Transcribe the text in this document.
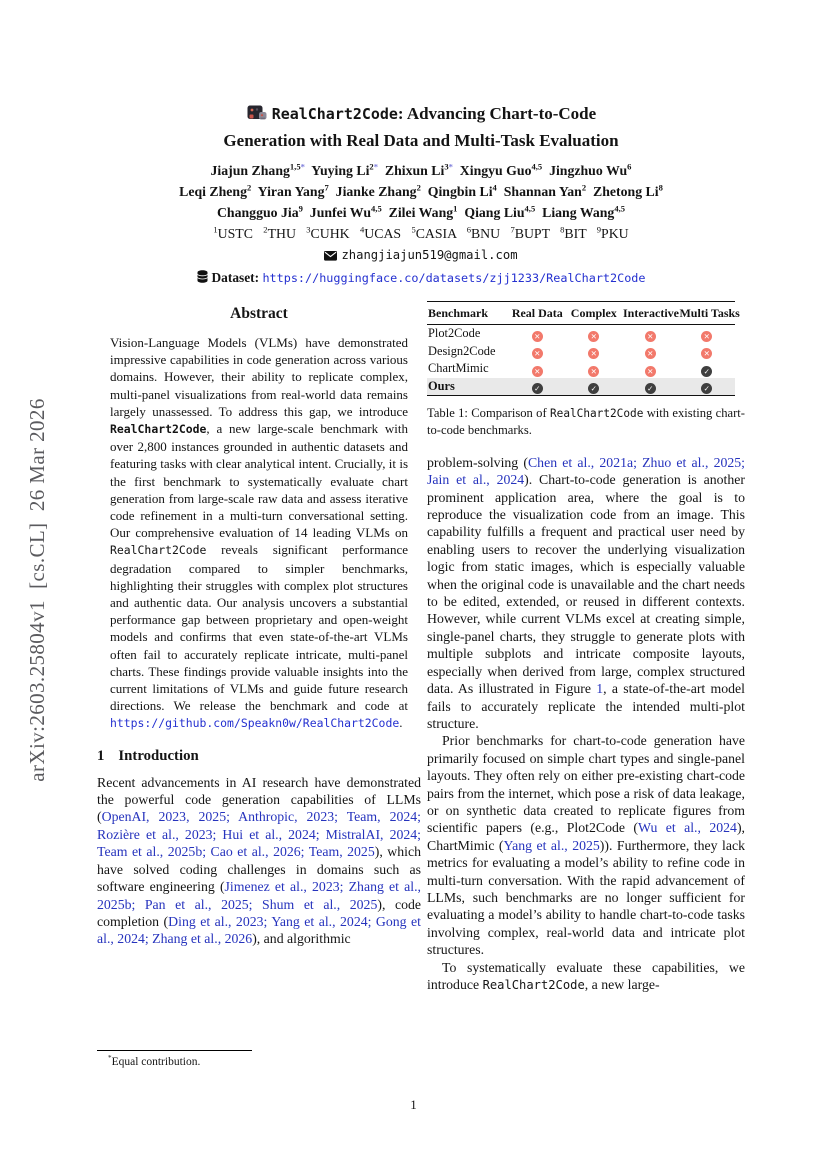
arXiv:2603.25804v1  [cs.CL]  26 Mar 2026
RealChart2Code: Advancing Chart-to-Code
Generation with Real Data and Multi-Task Evaluation
Jiajun Zhang$^{1,5*}$  Yuying $Li^{2*}$  Zhixun $Li^{3*}$  Xingyu Guo$^{4,5}$  Jingzhuo Wu$^6$
Leqi Zheng$^2$  Yiran Yang$^7$  Jianke Zhang$^2$  Qingbin Li$^4$  Shannan Yan$^2$  Zhetong Li$^8$
Changguo Jia$^9$  Junfei Wu$^{4,5}$  Zilei Wang$^1$  Qiang Liu$^{4,5}$  Liang Wang$^{4,5}$
$^1$USTC   $^2$THU   $^3$CUHK   $^4$UCAS   $^5$CASIA   $^6$BNU   $^7$BUPT   $^8$BIT   $^9$PKU
zhangjiajun519@gmail.com
Dataset: https://huggingface.co/datasets/zjj1233/RealChart2Code
Abstract
Vision-Language Models (VLMs) have demonstrated impressive capabilities in code generation across various domains. However, their ability to replicate complex, multi-panel visualizations from real-world data remains largely unassessed. To address this gap, we introduce RealChart2Code, a new large-scale benchmark with over 2,800 instances grounded in authentic datasets and featuring tasks with clear analytical intent. Crucially, it is the first benchmark to systematically evaluate chart generation from large-scale raw data and assess iterative code refinement in a multi-turn conversational setting. Our comprehensive evaluation of 14 leading VLMs on RealChart2Code reveals significant performance degradation compared to simpler benchmarks, highlighting their struggles with complex plot structures and authentic data. Our analysis uncovers a substantial performance gap between proprietary and open-weight models and confirms that even state-of-the-art VLMs often fail to accurately replicate intricate, multi-panel charts. These findings provide valuable insights into the current limitations of VLMs and guide future research directions. We release the benchmark and code at https://github.com/Speakn0w/RealChart2Code.
1 Introduction
Recent advancements in AI research have demonstrated the powerful code generation capabilities of LLMs (OpenAI, 2023, 2025; Anthropic, 2023; Team, 2024; Rozière et al., 2023; Hui et al., 2024; MistralAI, 2024; Team et al., 2025b; Cao et al., 2026; Team, 2025), which have solved coding challenges in domains such as software engineering (Jimenez et al., 2023; Zhang et al., 2025b; Pan et al., 2025; Shum et al., 2025), code completion (Ding et al., 2023; Yang et al., 2024; Gong et al., 2024; Zhang et al., 2026), and algorithmic
Benchmark	Real Data	Complex	Interactive	Multi Tasks
Plot2Code	✕	✕	✕	✕
Design2Code	✕	✕	✕	✕
ChartMimic	✕	✕	✕	✓
Ours	✓	✓	✓	✓
Table 1: Comparison of RealChart2Code with existing chart-to-code benchmarks.
problem-solving (Chen et al., 2021a; Zhuo et al., 2025; Jain et al., 2024). Chart-to-code generation is another prominent application area, where the goal is to reproduce the visualization code from an image. This capability fulfills a frequent and practical user need by enabling users to recover the underlying visualization logic from static images, which is especially valuable when the original code is unavailable and the chart needs to be edited, extended, or reused in different contexts. However, while current VLMs excel at creating simple, single-panel charts, they struggle to generate plots with multiple subplots and intricate composite layouts, especially when derived from large, complex structured data. As illustrated in Figure 1, a state-of-the-art model fails to accurately replicate the intended multi-plot structure.
Prior benchmarks for chart-to-code generation have primarily focused on simple chart types and single-panel layouts. They often rely on either pre-existing chart-code pairs from the internet, which pose a risk of data leakage, or on synthetic data created to replicate figures from scientific papers (e.g., Plot2Code (Wu et al., 2024), ChartMimic (Yang et al., 2025)). Furthermore, they lack metrics for evaluating a model’s ability to refine code in multi-turn conversation. With the rapid advancement of LLMs, such benchmarks are no longer sufficient for evaluating a model’s ability to handle chart-to-code tasks involving complex, real-world data and intricate plot structures.
To systematically evaluate these capabilities, we introduce RealChart2Code, a new large-
*Equal contribution.
1
